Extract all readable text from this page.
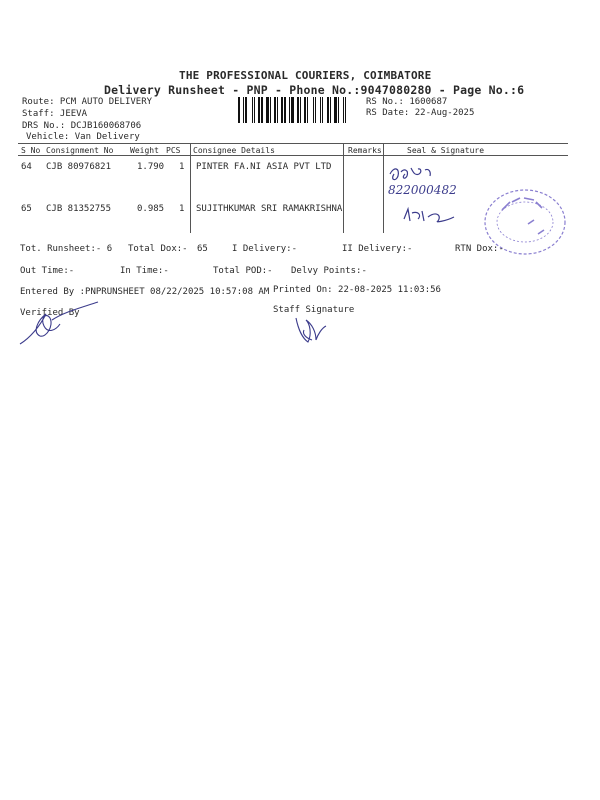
THE PROFESSIONAL COURIERS, COIMBATORE
Delivery Runsheet - PNP - Phone No.:9047080280 - Page No.:6
Route: PCM AUTO DELIVERY
Staff: JEEVA
DRS No.: DCJB160068706
Vehicle: Van Delivery
RS No.: 1600687
RS Date: 22-Aug-2025
S No Consignment No Weight PCS Consignee Details	Remarks	Seal & Signature
64 CJB 80976821	1.790 1 PINTER FA.NI ASIA PVT LTD
65 CJB 81352755	0.985 1 SUJITHKUMAR SRI RAMAKRISHNA
822000482
Tot. Runsheet:- 6 Total Dox:- 65	I Delivery:-	II Delivery:-	RTN Dox:-
Out Time:-	In Time:-	Total POD:- Delvy Points:-
Entered By :PNPRUNSHEET 08/22/2025 10:57:08 AM Printed On: 22-08-2025 11:03:56
Verified By	Staff Signature
